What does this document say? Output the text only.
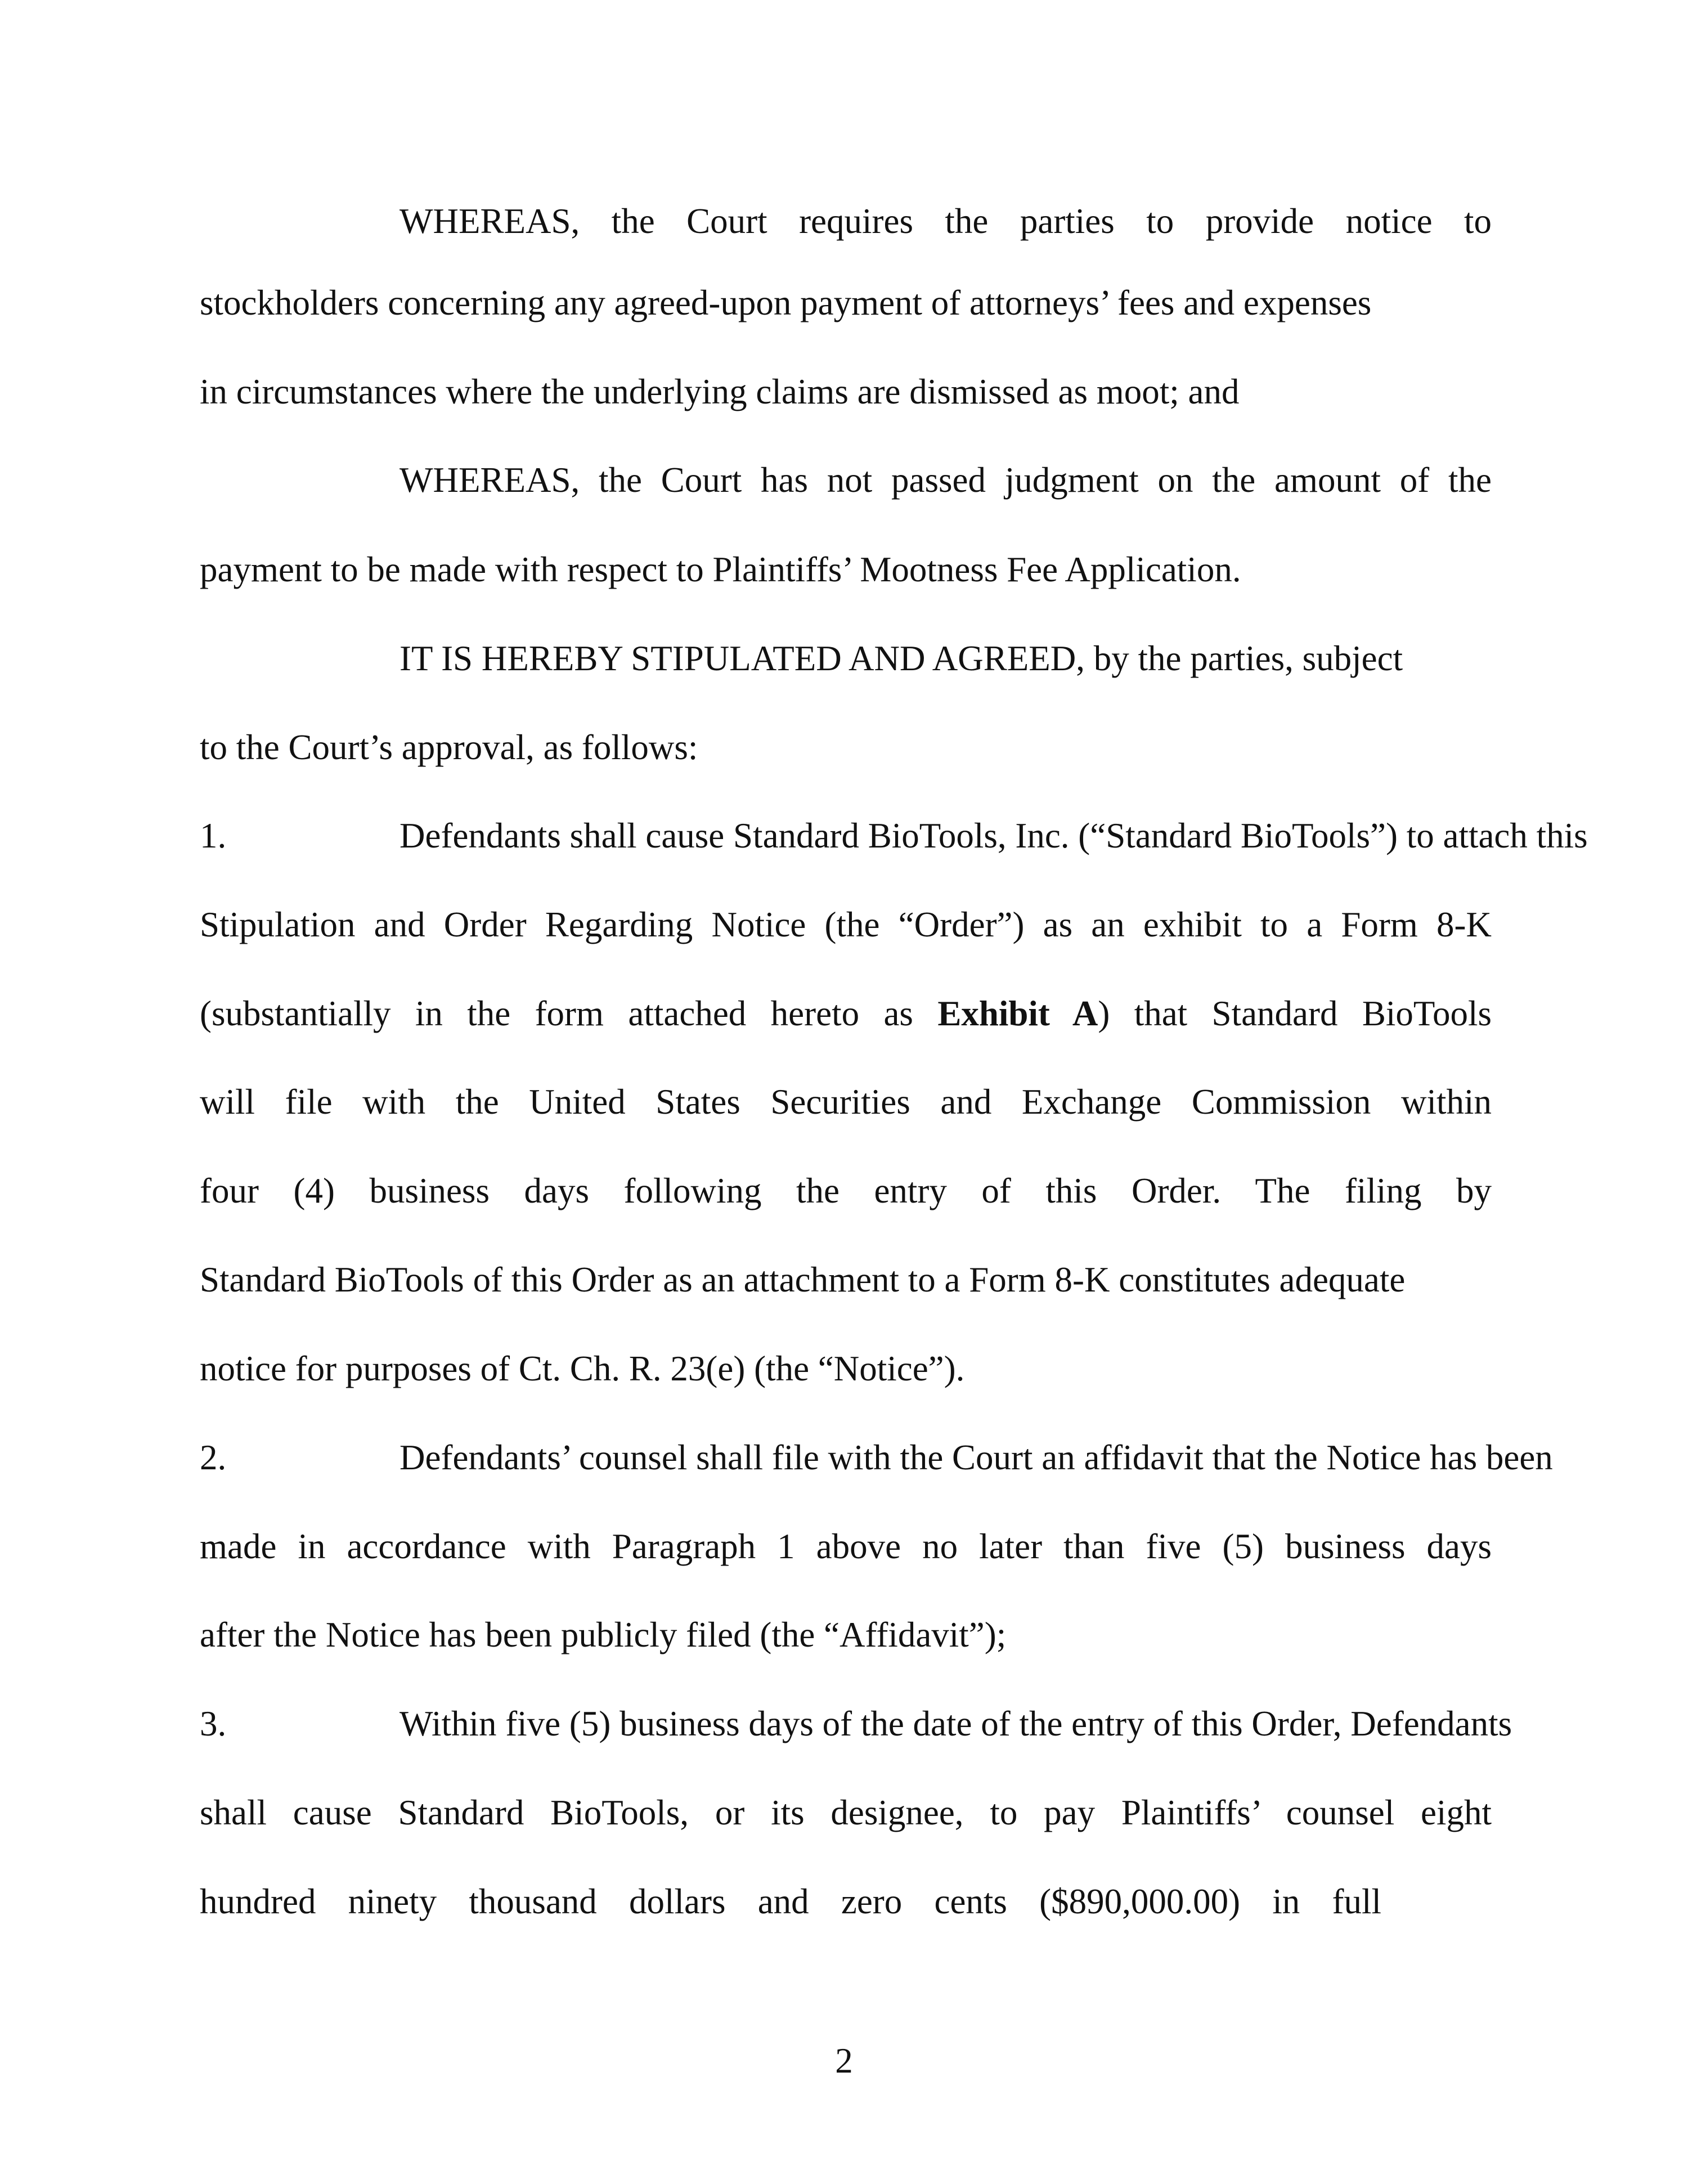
WHEREAS, the Court requires the parties to provide notice to
stockholders concerning any agreed-upon payment of attorneys’ fees and expenses
in circumstances where the underlying claims are dismissed as moot; and
WHEREAS, the Court has not passed judgment on the amount of the
payment to be made with respect to Plaintiffs’ Mootness Fee Application.
IT IS HEREBY STIPULATED AND AGREED, by the parties, subject
to the Court’s approval, as follows:
1.	Defendants shall cause Standard BioTools, Inc. (“Standard BioTools”) to attach this
Stipulation and Order Regarding Notice (the “Order”) as an exhibit to a Form 8-K
(substantially in the form attached hereto as Exhibit A) that Standard BioTools
will file with the United States Securities and Exchange Commission within
four (4) business days following the entry of this Order. The filing by
Standard BioTools of this Order as an attachment to a Form 8-K constitutes adequate
notice for purposes of Ct. Ch. R. 23(e) (the “Notice”).
2.	Defendants’ counsel shall file with the Court an affidavit that the Notice has been
made in accordance with Paragraph 1 above no later than five (5) business days
after the Notice has been publicly filed (the “Affidavit”);
3.	Within five (5) business days of the date of the entry of this Order, Defendants
shall cause Standard BioTools, or its designee, to pay Plaintiffs’ counsel eight
hundred ninety thousand dollars and zero cents ($890,000.00) in full
2
